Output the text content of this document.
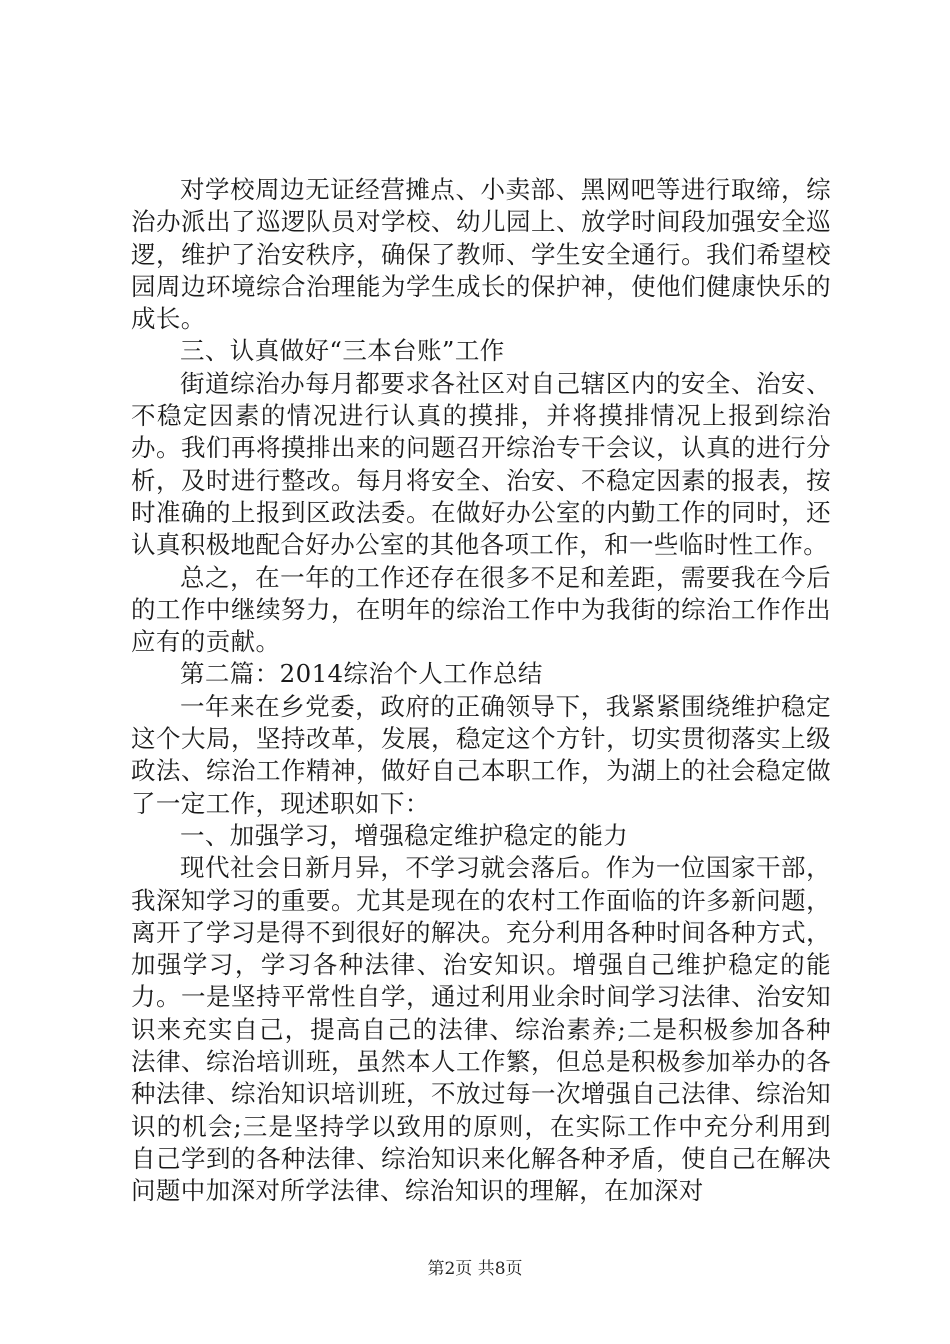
对学校周边无证经营摊点、小卖部、黑网吧等进行取缔，综治办派出了巡逻队员对学校、幼儿园上、放学时间段加强安全巡逻，维护了治安秩序，确保了教师、学生安全通行。我们希望校园周边环境综合治理能为学生成长的保护神，使他们健康快乐的成长。

三、认真做好“三本台账”工作

街道综治办每月都要求各社区对自己辖区内的安全、治安、不稳定因素的情况进行认真的摸排，并将摸排情况上报到综治办。我们再将摸排出来的问题召开综治专干会议，认真的进行分析，及时进行整改。每月将安全、治安、不稳定因素的报表，按时准确的上报到区政法委。在做好办公室的内勤工作的同时，还认真积极地配合好办公室的其他各项工作，和一些临时性工作。

总之，在一年的工作还存在很多不足和差距，需要我在今后的工作中继续努力，在明年的综治工作中为我街的综治工作作出应有的贡献。

第二篇：2014综治个人工作总结

一年来在乡党委，政府的正确领导下，我紧紧围绕维护稳定这个大局，坚持改革，发展，稳定这个方针，切实贯彻落实上级政法、综治工作精神，做好自己本职工作，为湖上的社会稳定做了一定工作，现述职如下：

一、加强学习，增强稳定维护稳定的能力

现代社会日新月异，不学习就会落后。作为一位国家干部，我深知学习的重要。尤其是现在的农村工作面临的许多新问题，离开了学习是得不到很好的解决。充分利用各种时间各种方式，加强学习，学习各种法律、治安知识。增强自己维护稳定的能力。一是坚持平常性自学，通过利用业余时间学习法律、治安知识来充实自己，提高自己的法律、综治素养;二是积极参加各种法律、综治培训班，虽然本人工作繁，但总是积极参加举办的各种法律、综治知识培训班，不放过每一次增强自己法律、综治知识的机会;三是坚持学以致用的原则，在实际工作中充分利用到自己学到的各种法律、综治知识来化解各种矛盾，使自己在解决问题中加深对所学法律、综治知识的理解，在加深对

第2页 共8页
